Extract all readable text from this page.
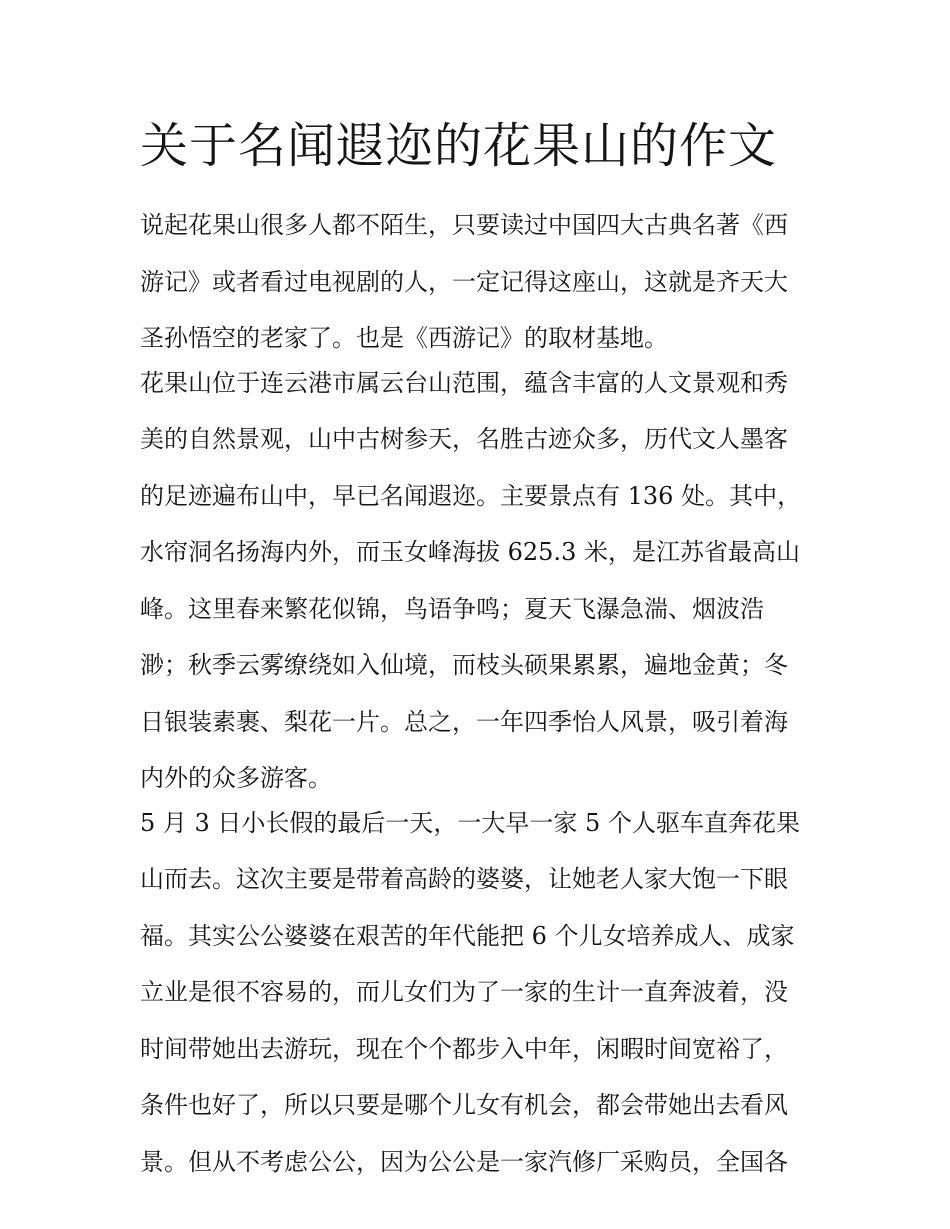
关于名闻遐迩的花果山的作文
说起花果山很多人都不陌生，只要读过中国四大古典名著《西
游记》或者看过电视剧的人，一定记得这座山，这就是齐天大
圣孙悟空的老家了。也是《西游记》的取材基地。
花果山位于连云港市属云台山范围，蕴含丰富的人文景观和秀
美的自然景观，山中古树参天，名胜古迹众多，历代文人墨客
的足迹遍布山中，早已名闻遐迩。主要景点有 136 处。其中，
水帘洞名扬海内外，而玉女峰海拔 625.3 米，是江苏省最高山
峰。这里春来繁花似锦，鸟语争鸣；夏天飞瀑急湍、烟波浩
渺；秋季云雾缭绕如入仙境，而枝头硕果累累，遍地金黄；冬
日银装素裹、梨花一片。总之，一年四季怡人风景，吸引着海
内外的众多游客。
5 月 3 日小长假的最后一天，一大早一家 5 个人驱车直奔花果
山而去。这次主要是带着高龄的婆婆，让她老人家大饱一下眼
福。其实公公婆婆在艰苦的年代能把 6 个儿女培养成人、成家
立业是很不容易的，而儿女们为了一家的生计一直奔波着，没
时间带她出去游玩，现在个个都步入中年，闲暇时间宽裕了，
条件也好了，所以只要是哪个儿女有机会，都会带她出去看风
景。但从不考虑公公，因为公公是一家汽修厂采购员，全国各
